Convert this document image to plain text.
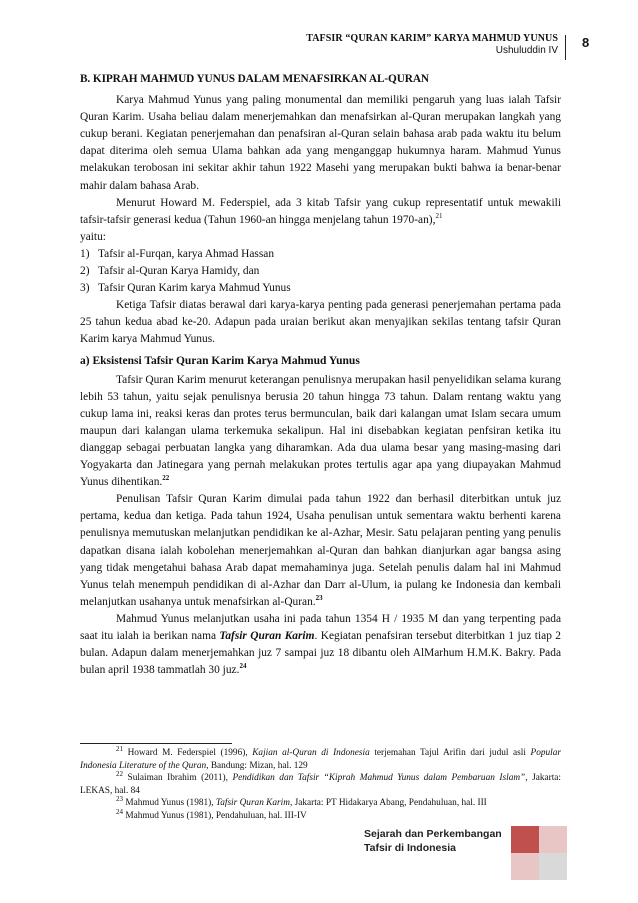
TAFSIR “QURAN KARIM” KARYA MAHMUD YUNUS
Ushuluddin IV
8
B. KIPRAH MAHMUD YUNUS DALAM MENAFSIRKAN AL-QURAN

Karya Mahmud Yunus yang paling monumental dan memiliki pengaruh yang luas ialah Tafsir Quran Karim. Usaha beliau dalam menerjemahkan dan menafsirkan al-Quran merupakan langkah yang cukup berani. Kegiatan penerjemahan dan penafsiran al-Quran selain bahasa arab pada waktu itu belum dapat diterima oleh semua Ulama bahkan ada yang menganggap hukumnya haram. Mahmud Yunus melakukan terobosan ini sekitar akhir tahun 1922 Masehi yang merupakan bukti bahwa ia benar-benar mahir dalam bahasa Arab.

Menurut Howard M. Federspiel, ada 3 kitab Tafsir yang cukup representatif untuk mewakili tafsir-tafsir generasi kedua (Tahun 1960-an hingga menjelang tahun 1970-an),$^{21}$

yaitu:
1) Tafsir al-Furqan, karya Ahmad Hassan
2) Tafsir al-Quran Karya Hamidy, dan
3) Tafsir Quran Karim karya Mahmud Yunus

Ketiga Tafsir diatas berawal dari karya-karya penting pada generasi penerjemahan pertama pada 25 tahun kedua abad ke-20. Adapun pada uraian berikut akan menyajikan sekilas tentang tafsir Quran Karim karya Mahmud Yunus.

a) Eksistensi Tafsir Quran Karim Karya Mahmud Yunus

Tafsir Quran Karim menurut keterangan penulisnya merupakan hasil penyelidikan selama kurang lebih 53 tahun, yaitu sejak penulisnya berusia 20 tahun hingga 73 tahun. Dalam rentang waktu yang cukup lama ini, reaksi keras dan protes terus bermunculan, baik dari kalangan umat Islam secara umum maupun dari kalangan ulama terkemuka sekalipun. Hal ini disebabkan kegiatan penfsiran ketika itu dianggap sebagai perbuatan langka yang diharamkan. Ada dua ulama besar yang masing-masing dari Yogyakarta dan Jatinegara yang pernah melakukan protes tertulis agar apa yang diupayakan Mahmud Yunus dihentikan.$^{22}$

Penulisan Tafsir Quran Karim dimulai pada tahun 1922 dan berhasil diterbitkan untuk juz pertama, kedua dan ketiga. Pada tahun 1924, Usaha penulisan untuk sementara waktu berhenti karena penulisnya memutuskan melanjutkan pendidikan ke al-Azhar, Mesir. Satu pelajaran penting yang penulis dapatkan disana ialah kobolehan menerjemahkan al-Quran dan bahkan dianjurkan agar bangsa asing yang tidak mengetahui bahasa Arab dapat memahaminya juga. Setelah penulis dalam hal ini Mahmud Yunus telah menempuh pendidikan di al-Azhar dan Darr al-Ulum, ia pulang ke Indonesia dan kembali melanjutkan usahanya untuk menafsirkan al-Quran.$^{23}$

Mahmud Yunus melanjutkan usaha ini pada tahun 1354 H / 1935 M dan yang terpenting pada saat itu ialah ia berikan nama Tafsir Quran Karim. Kegiatan penafsiran tersebut diterbitkan 1 juz tiap 2 bulan. Adapun dalam menerjemahkan juz 7 sampai juz 18 dibantu oleh AlMarhum H.M.K. Bakry. Pada bulan april 1938 tammatlah 30 juz.$^{24}$

$^{21}$ Howard M. Federspiel (1996), Kajian al-Quran di Indonesia terjemahan Tajul Arifin dari judul asli Popular Indonesia Literature of the Quran, Bandung: Mizan, hal. 129
$^{22}$ Sulaiman Ibrahim (2011), Pendidikan dan Tafsir “Kiprah Mahmud Yunus dalam Pembaruan Islam”, Jakarta: LEKAS, hal. 84
$^{23}$ Mahmud Yunus (1981), Tafsir Quran Karim, Jakarta: PT Hidakarya Abang, Pendahuluan, hal. III
$^{24}$ Mahmud Yunus (1981), Pendahuluan, hal. III-IV
Sejarah dan Perkembangan
Tafsir di Indonesia
